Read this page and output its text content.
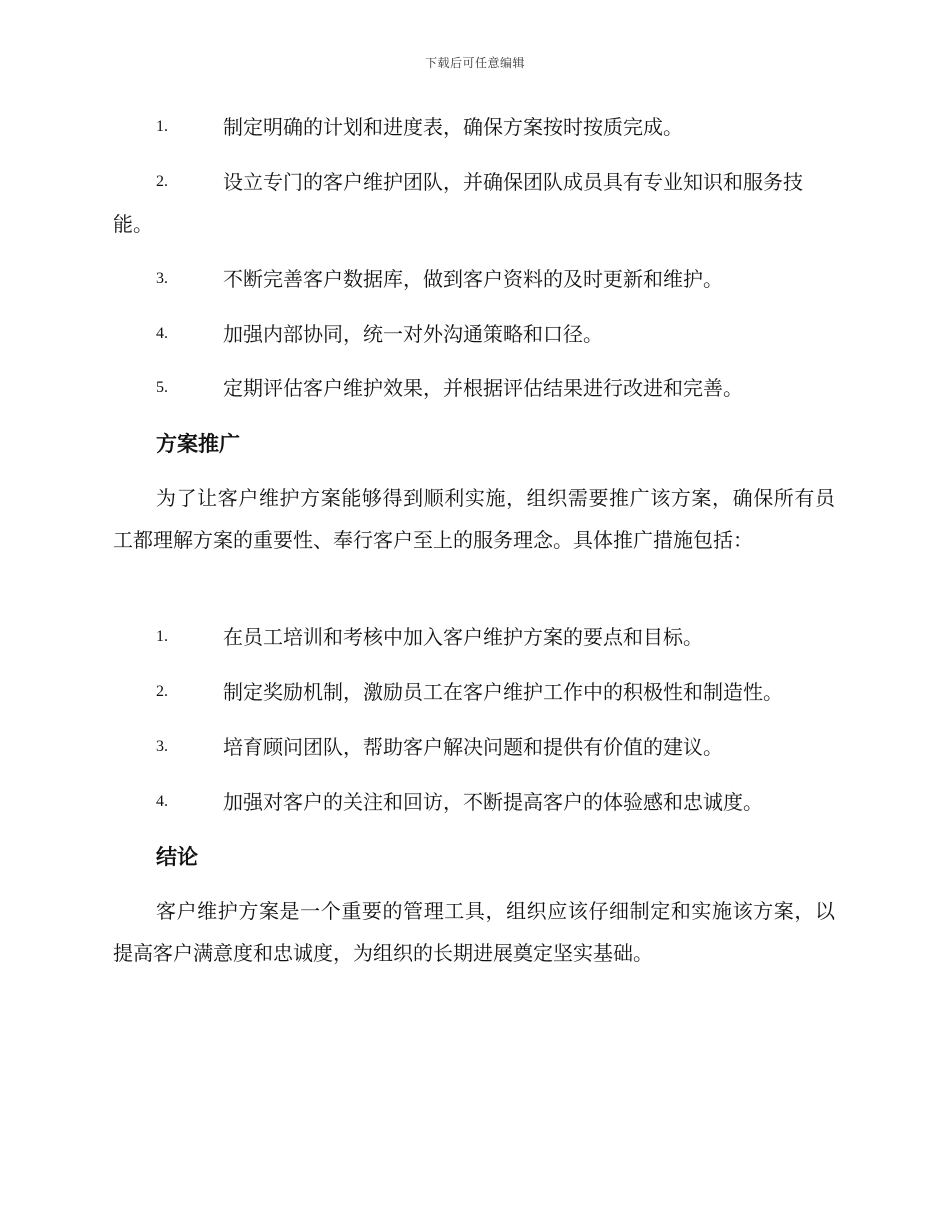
下载后可任意编辑
1.	制定明确的计划和进度表，确保方案按时按质完成。
2.	设立专门的客户维护团队，并确保团队成员具有专业知识和服务技能。
3.	不断完善客户数据库，做到客户资料的及时更新和维护。
4.	加强内部协同，统一对外沟通策略和口径。
5.	定期评估客户维护效果，并根据评估结果进行改进和完善。
方案推广
为了让客户维护方案能够得到顺利实施，组织需要推广该方案，确保所有员工都理解方案的重要性、奉行客户至上的服务理念。具体推广措施包括：
1.	在员工培训和考核中加入客户维护方案的要点和目标。
2.	制定奖励机制，激励员工在客户维护工作中的积极性和制造性。
3.	培育顾问团队，帮助客户解决问题和提供有价值的建议。
4.	加强对客户的关注和回访，不断提高客户的体验感和忠诚度。
结论
客户维护方案是一个重要的管理工具，组织应该仔细制定和实施该方案，以提高客户满意度和忠诚度，为组织的长期进展奠定坚实基础。
